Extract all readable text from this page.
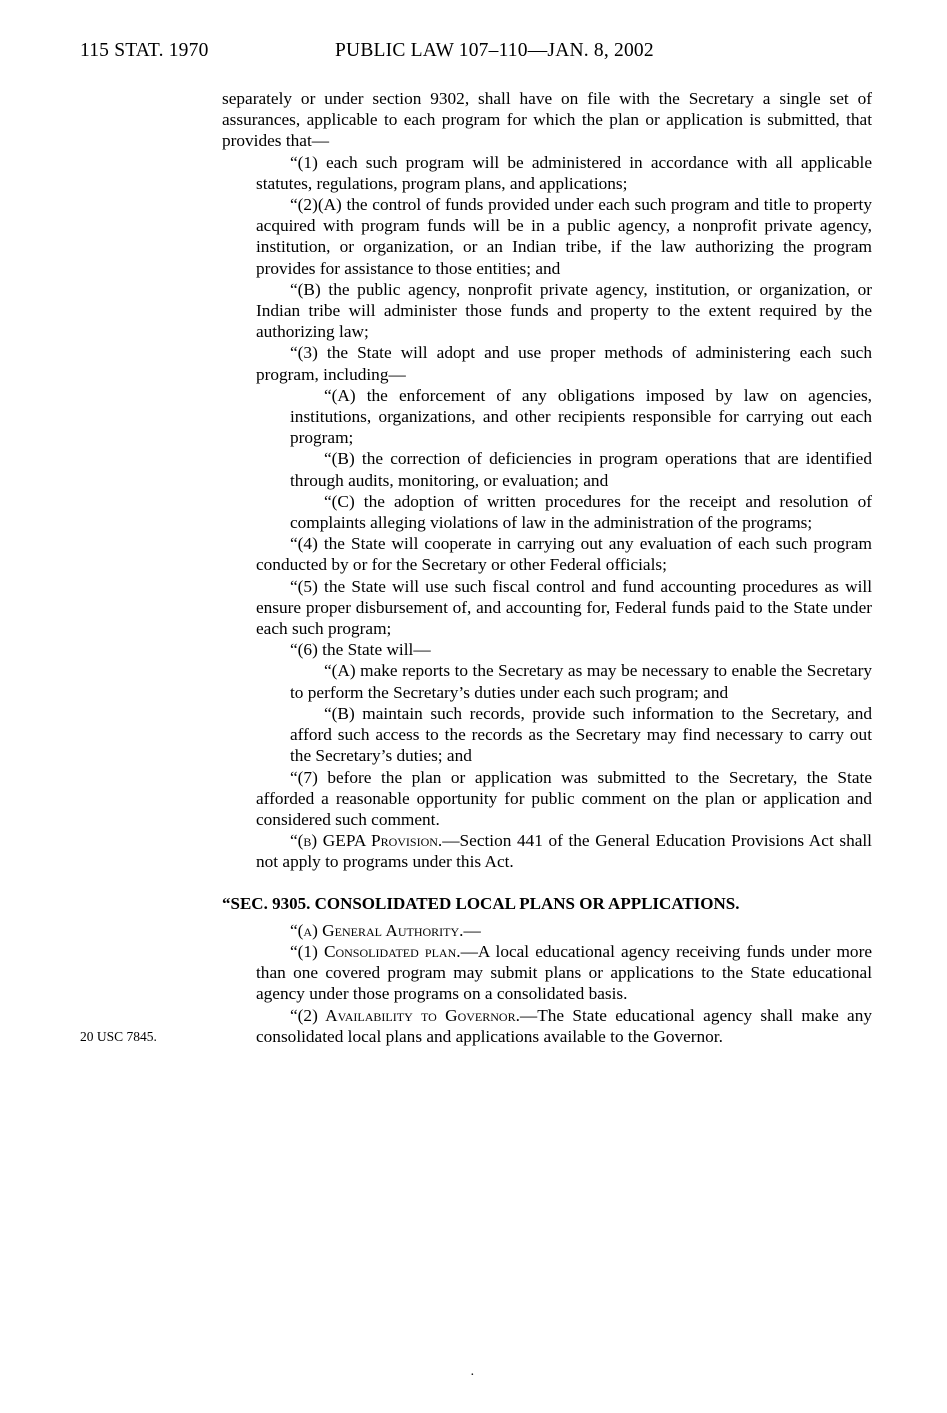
115 STAT. 1970	PUBLIC LAW 107–110—JAN. 8, 2002
20 USC 7845.

separately or under section 9302, shall have on file with the Secretary a single set of assurances, applicable to each program for which the plan or application is submitted, that provides that—

“(1) each such program will be administered in accordance with all applicable statutes, regulations, program plans, and applications;

“(2)(A) the control of funds provided under each such program and title to property acquired with program funds will be in a public agency, a nonprofit private agency, institution, or organization, or an Indian tribe, if the law authorizing the program provides for assistance to those entities; and

“(B) the public agency, nonprofit private agency, institution, or organization, or Indian tribe will administer those funds and property to the extent required by the authorizing law;

“(3) the State will adopt and use proper methods of administering each such program, including—

“(A) the enforcement of any obligations imposed by law on agencies, institutions, organizations, and other recipients responsible for carrying out each program;

“(B) the correction of deficiencies in program operations that are identified through audits, monitoring, or evaluation; and

“(C) the adoption of written procedures for the receipt and resolution of complaints alleging violations of law in the administration of the programs;

“(4) the State will cooperate in carrying out any evaluation of each such program conducted by or for the Secretary or other Federal officials;

“(5) the State will use such fiscal control and fund accounting procedures as will ensure proper disbursement of, and accounting for, Federal funds paid to the State under each such program;

“(6) the State will—

“(A) make reports to the Secretary as may be necessary to enable the Secretary to perform the Secretary’s duties under each such program; and

“(B) maintain such records, provide such information to the Secretary, and afford such access to the records as the Secretary may find necessary to carry out the Secretary’s duties; and

“(7) before the plan or application was submitted to the Secretary, the State afforded a reasonable opportunity for public comment on the plan or application and considered such comment.

“(b) GEPA Provision.—Section 441 of the General Education Provisions Act shall not apply to programs under this Act.

“SEC. 9305. CONSOLIDATED LOCAL PLANS OR APPLICATIONS.

“(a) General Authority.—

“(1) Consolidated plan.—A local educational agency receiving funds under more than one covered program may submit plans or applications to the State educational agency under those programs on a consolidated basis.

“(2) Availability to Governor.—The State educational agency shall make any consolidated local plans and applications available to the Governor.

·
